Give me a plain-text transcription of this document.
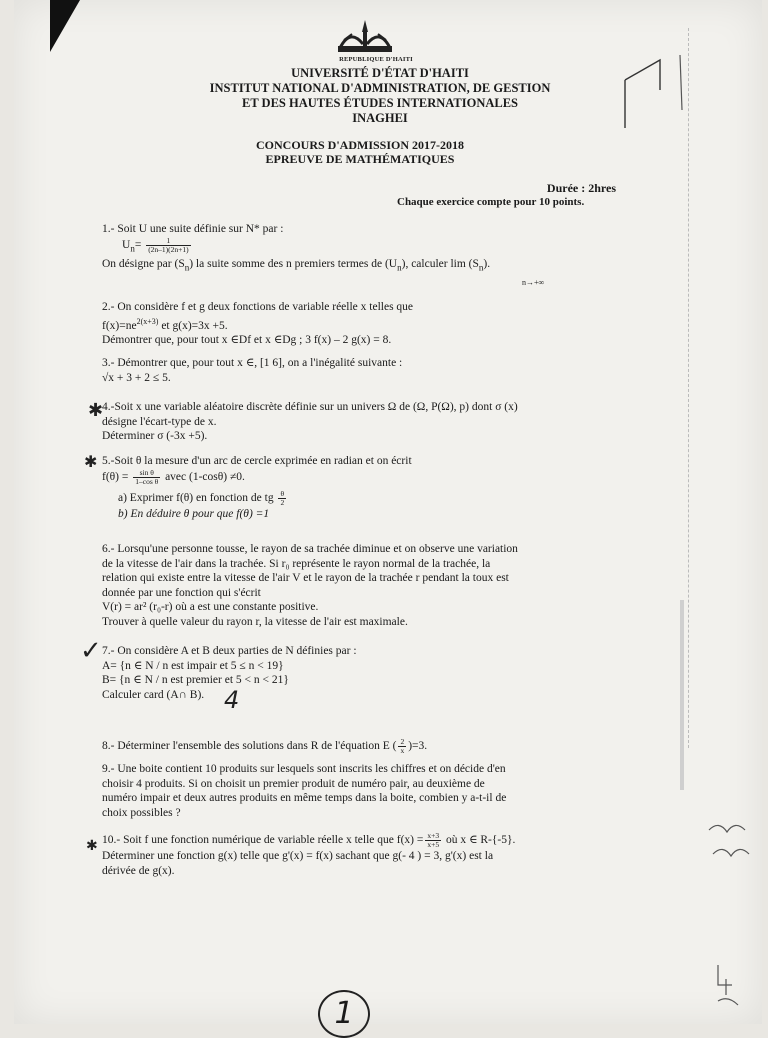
REPUBLIQUE D'HAITI
UNIVERSITÉ D'ÉTAT D'HAITI
INSTITUT NATIONAL D'ADMINISTRATION, DE GESTION
ET DES HAUTES ÉTUDES INTERNATIONALES
INAGHEI
CONCOURS D'ADMISSION 2017-2018
EPREUVE DE MATHÉMATIQUES
Durée : 2hres
Chaque exercice compte pour 10 points.

1.- Soit U une suite définie sur N* par :

$U_n= \frac{1}{(2n-1)(2n+1)}$

On désigne par $(S_n)$ la suite somme des n premiers termes de $(U_n)$, calculer $\lim (S_n)$.

n→+∞

2.- On considère f et g deux fonctions de variable réelle x telles que

$f(x)=ne^{2(x+3)}$ et g(x)=3x +5.

Démontrer que, pour tout x ∈Df et x ∈Dg ; 3 f(x) – 2 g(x) = 8.

3.- Démontrer que, pour tout x ∈, [1 6], on a l'inégalité suivante :

√x + 3 + 2 ≤ 5.

✱

4.-Soit x une variable aléatoire discrète définie sur un univers Ω de (Ω, P(Ω), p) dont σ (x)

désigne l'écart-type de x.

Déterminer σ (-3x +5).

✱ 5.-Soit θ la mesure d'un arc de cercle exprimée en radian et on écrit

$f(\theta) = \frac{\text{sin θ}}{\text{1–cos θ}}$ avec (1-cosθ) ≠0.

a) Exprimer f(θ) en fonction de tg $\frac{\theta}{2}$

b) En déduire θ pour que f(θ) =1

6.- Lorsqu'une personne tousse, le rayon de sa trachée diminue et on observe une variation

de la vitesse de l'air dans la trachée. Si r₀ représente le rayon normal de la trachée, la

relation qui existe entre la vitesse de l'air V et le rayon de la trachée r pendant la toux est

donnée par une fonction qui s'écrit

V(r) = ar² (r₀-r) où a est une constante positive.

Trouver à quelle valeur du rayon r, la vitesse de l'air est maximale.

✓ 7.- On considère A et B deux parties de N définies par :

A= {n ∈ N / n est impair et 5 ≤ n < 19}

B= {n ∈ N / n est premier et 5 < n < 21}

Calculer card (A∩ B). 4

8.- Déterminer l'ensemble des solutions dans R de l'équation E ( $\frac{2}{x} )=3$.

9.- Une boite contient 10 produits sur lesquels sont inscrits les chiffres et on décide d'en

choisir 4 produits. Si on choisit un premier produit de numéro pair, au deuxième de

numéro impair et deux autres produits en même temps dans la boite, combien y a-t-il de

choix possibles ?

✱ 10.- Soit f une fonction numérique de variable réelle x telle que $f(x) = \frac{x+3}{x+5}$ où x ∈ R-{-5}.

Déterminer une fonction g(x) telle que g'(x) = f(x) sachant que g(- 4 ) = 3, g'(x) est la

dérivée de g(x).

1
